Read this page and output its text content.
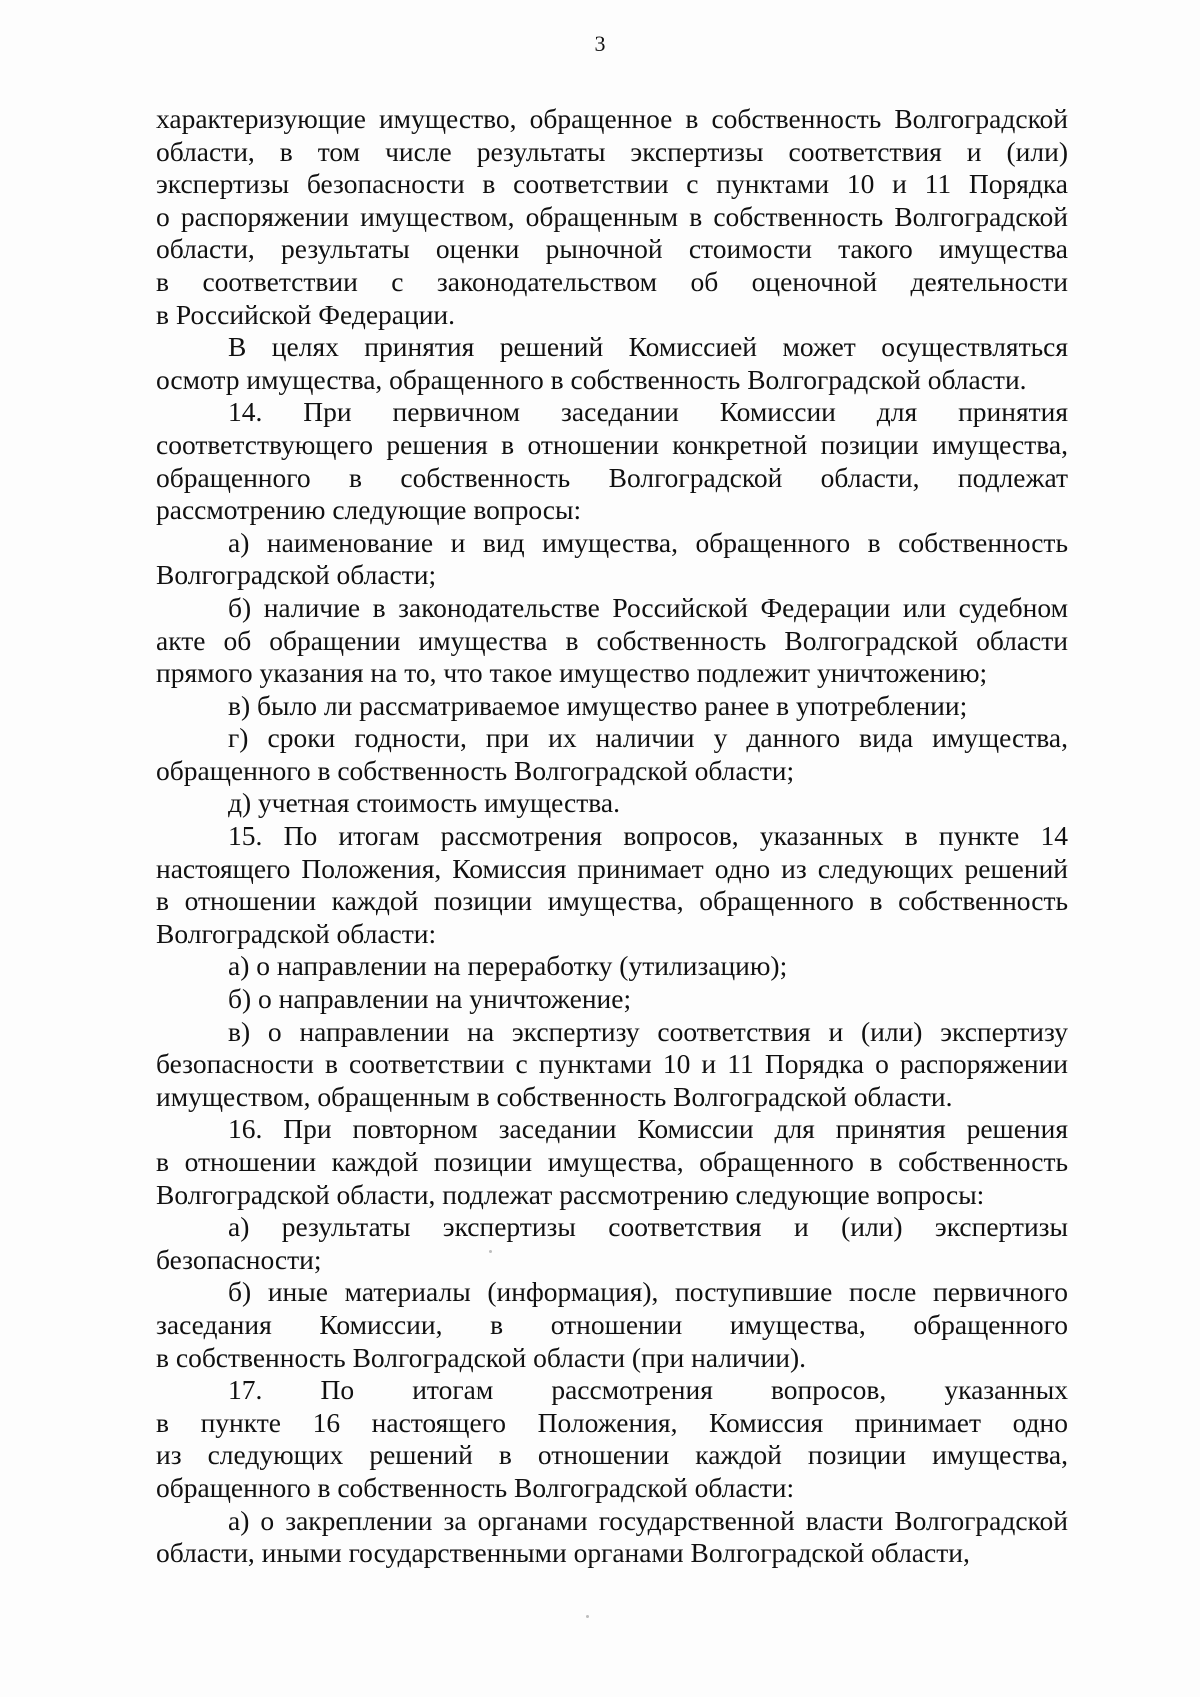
3
характеризующие имущество, обращенное в собственность Волгоградской
области, в том числе результаты экспертизы соответствия и (или)
экспертизы безопасности в соответствии с пунктами 10 и 11 Порядка
о распоряжении имуществом, обращенным в собственность Волгоградской
области, результаты оценки рыночной стоимости такого имущества
в соответствии с законодательством об оценочной деятельности
в Российской Федерации.
В целях принятия решений Комиссией может осуществляться
осмотр имущества, обращенного в собственность Волгоградской области.
14. При первичном заседании Комиссии для принятия
соответствующего решения в отношении конкретной позиции имущества,
обращенного в собственность Волгоградской области, подлежат
рассмотрению следующие вопросы:
а) наименование и вид имущества, обращенного в собственность
Волгоградской области;
б) наличие в законодательстве Российской Федерации или судебном
акте об обращении имущества в собственность Волгоградской области
прямого указания на то, что такое имущество подлежит уничтожению;
в) было ли рассматриваемое имущество ранее в употреблении;
г) сроки годности, при их наличии у данного вида имущества,
обращенного в собственность Волгоградской области;
д) учетная стоимость имущества.
15. По итогам рассмотрения вопросов, указанных в пункте 14
настоящего Положения, Комиссия принимает одно из следующих решений
в отношении каждой позиции имущества, обращенного в собственность
Волгоградской области:
а) о направлении на переработку (утилизацию);
б) о направлении на уничтожение;
в) о направлении на экспертизу соответствия и (или) экспертизу
безопасности в соответствии с пунктами 10 и 11 Порядка о распоряжении
имуществом, обращенным в собственность Волгоградской области.
16. При повторном заседании Комиссии для принятия решения
в отношении каждой позиции имущества, обращенного в собственность
Волгоградской области, подлежат рассмотрению следующие вопросы:
а) результаты экспертизы соответствия и (или) экспертизы
безопасности;
б) иные материалы (информация), поступившие после первичного
заседания Комиссии, в отношении имущества, обращенного
в собственность Волгоградской области (при наличии).
17. По итогам рассмотрения вопросов, указанных
в пункте 16 настоящего Положения, Комиссия принимает одно
из следующих решений в отношении каждой позиции имущества,
обращенного в собственность Волгоградской области:
а) о закреплении за органами государственной власти Волгоградской
области, иными государственными органами Волгоградской области,
